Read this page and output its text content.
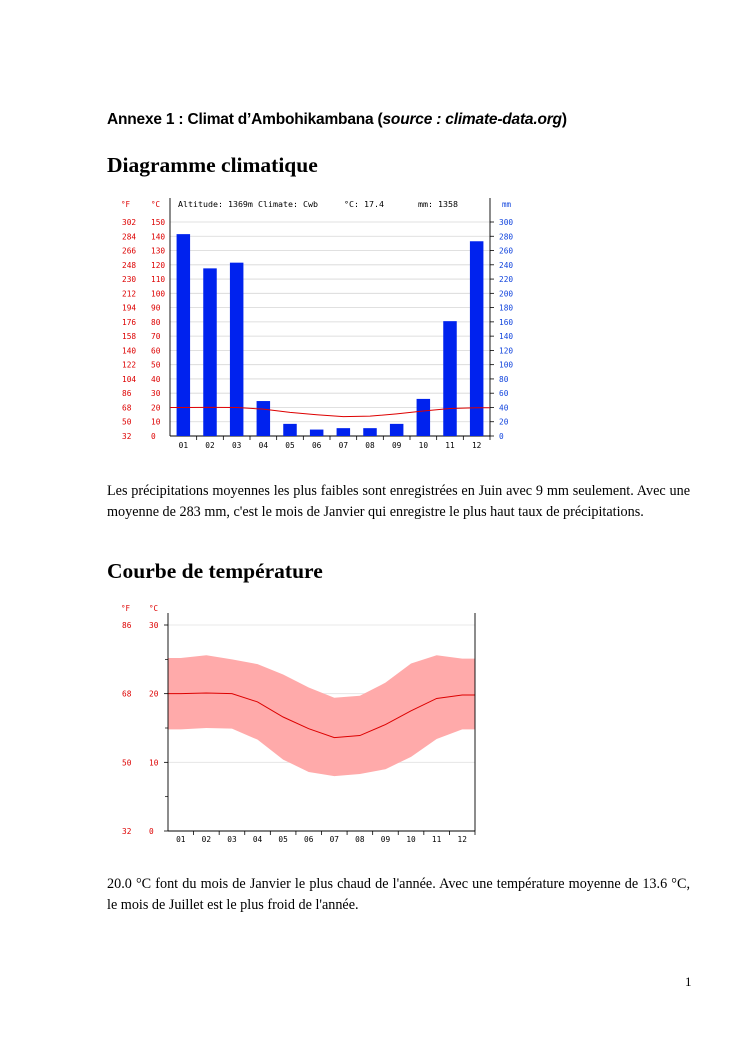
Annexe 1 : Climat d’Ambohikambana (source : climate-data.org)
Diagramme climatique
Altitude: 1369m Climate: Cwb	°C: 17.4	mm: 1358
°F	°C	mm
32	0
50	10
68	20
86	30
104 40
122 50
140 60
158 70
176 80
194 90
212 100
230 110
248 120
266 130
284 140
302 150
0
20
40
60
80
100
120
140
160
180
200
220
240
260
280
300
01 02 03 04 05 06 07 08 09 10 11 12
Les précipitations moyennes les plus faibles sont enregistrées en Juin avec 9 mm seulement. Avec une moyenne de 283 mm, c'est le mois de Janvier qui enregistre le plus haut taux de précipitations.
Courbe de température
°F	°C
32 0
50 10
68 20
86 30
01 02 03 04 05 06 07 08 09 10 11 12
20.0 °C font du mois de Janvier le plus chaud de l'année. Avec une température moyenne de 13.6 °C, le mois de Juillet est le plus froid de l'année.
1
